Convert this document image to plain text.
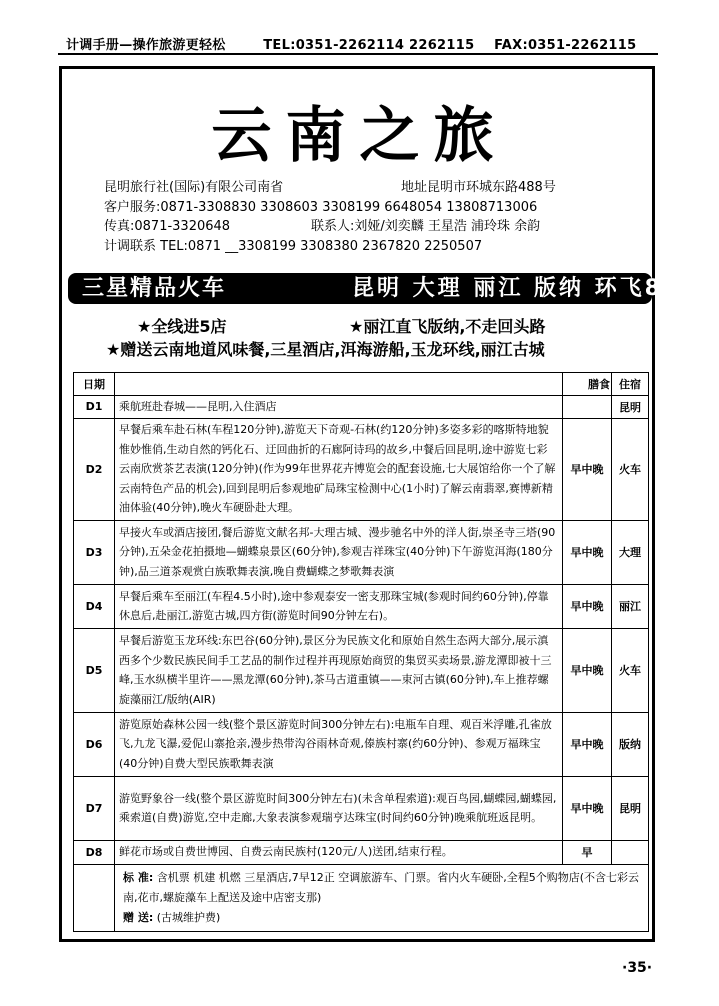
计调手册—操作旅游更轻松	TEL:0351-2262114 2262115 FAX:0351-2262115
云南之旅
昆明旅行社(国际)有限公司南省	地址昆明市环城东路488号
客户服务:0871-3308830 3308603 3308199 6648054 13808713006
传真:0871-3320648	联系人:刘娅/刘奕麟 王星浩 浦玲珠 余韵
计调联系 TEL:0871 __3308199 3308380 2367820 2250507
三星精品火车	昆明 大理 丽江 版纳 环飞8天
★全线进5店	★丽江直飞版纳,不走回头路
★赠送云南地道风味餐,三星酒店,洱海游船,玉龙环线,丽江古城
日期		膳食	住宿
D1	乘航班赴春城——昆明,入住酒店		昆明
D2	早餐后乘车赴石林(车程120分钟),游览天下奇观-石林(约120分钟)多姿多彩的喀斯特地貌惟妙惟俏,生动自然的钙化石、迂回曲折的石廊阿诗玛的故乡,中餐后回昆明,途中游览七彩云南欣赏茶艺表演(120分钟)(作为99年世界花卉博览会的配套设施,七大展馆给你一个了解云南特色产品的机会),回到昆明后参观地矿局珠宝检测中心(1小时)了解云南翡翠,赛博新精油体验(40分钟),晚火车硬卧赴大理。	早中晚	火车
D3	早接火车或酒店接团,餐后游览文献名邦-大理古城、漫步驰名中外的洋人街,崇圣寺三塔(90分钟),五朵金花拍摄地—蝴蝶泉景区(60分钟),参观吉祥珠宝(40分钟)下午游览洱海(180分钟),品三道茶观赏白族歌舞表演,晚自费蝴蝶之梦歌舞表演	早中晚	大理
D4	早餐后乘车至丽江(车程4.5小时),途中参观泰安一密支那珠宝城(参观时间约60分钟),停靠休息后,赴丽江,游览古城,四方街(游览时间90分钟左右)。	早中晚	丽江
D5	早餐后游览玉龙环线:东巴谷(60分钟),景区分为民族文化和原始自然生态两大部分,展示滇西多个少数民族民间手工艺品的制作过程并再现原始商贸的集贸买卖场景,游龙潭即被十三峰,玉水纵横半里许——黑龙潭(60分钟),茶马古道重镇——束河古镇(60分钟),车上推荐螺旋藻丽江/版纳(AIR)	早中晚	火车
D6	游览原始森林公园一线(整个景区游览时间300分钟左右):电瓶车自理、观百米浮雕,孔雀放飞,九龙飞瀑,爱伲山寨抢亲,漫步热带沟谷雨林奇观,傣族村寨(约60分钟)、参观万福珠宝(40分钟)自费大型民族歌舞表演	早中晚	版纳
D7	游览野象谷一线(整个景区游览时间300分钟左右)(未含单程索道):观百鸟园,蝴蝶园,蝴蝶园,乘索道(自费)游览,空中走廊,大象表演参观瑞亨达珠宝(时间约60分钟)晚乘航班返昆明。	早中晚	昆明
D8	鲜花市场或自费世博园、自费云南民族村(120元/人)送团,结束行程。	早	
	标 准: 含机票 机建 机燃 三星酒店,7早12正 空调旅游车、门票。省内火车硬卧,全程5个购物店(不含七彩云南,花市,螺旋藻车上配送及途中店密支那)
赠 送: (古城维护费)		
·35·
